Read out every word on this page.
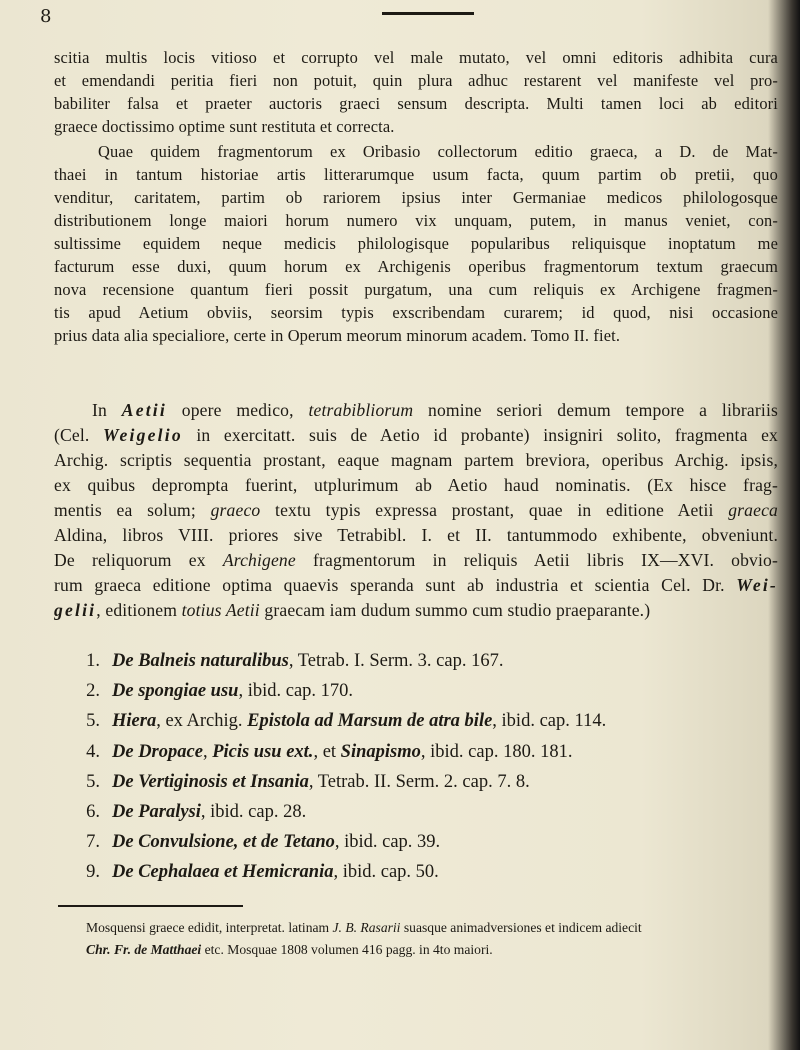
8
scitia multis locis vitioso et corrupto vel male mutato, vel omni editoris adhibita cura
et emendandi peritia fieri non potuit, quin plura adhuc restarent vel manifeste vel pro-
babiliter falsa et praeter auctoris graeci sensum descripta. Multi tamen loci ab editori
graece doctissimo optime sunt restituta et correcta.
Quae quidem fragmentorum ex Oribasio collectorum editio graeca, a D. de Mat-
thaei in tantum historiae artis litterarumque usum facta, quum partim ob pretii, quo
venditur, caritatem, partim ob rariorem ipsius inter Germaniae medicos philologosque
distributionem longe maiori horum numero vix unquam, putem, in manus veniet, con-
sultissime equidem neque medicis philologisque popularibus reliquisque inoptatum me
facturum esse duxi, quum horum ex Archigenis operibus fragmentorum textum graecum
nova recensione quantum fieri possit purgatum, una cum reliquis ex Archigene fragmen-
tis apud Aetium obviis, seorsim typis exscribendam curarem; id quod, nisi occasione
prius data alia specialiore, certe in Operum meorum minorum academ. Tomo II. fiet.
In Aetii opere medico, tetrabibliorum nomine seriori demum tempore a librariis
(Cel. Weigelio in exercitatt. suis de Aetio id probante) insigniri solito, fragmenta ex
Archig. scriptis sequentia prostant, eaque magnam partem breviora, operibus Archig. ipsis,
ex quibus deprompta fuerint, utplurimum ab Aetio haud nominatis. (Ex hisce frag-
mentis ea solum; graeco textu typis expressa prostant, quae in editione Aetii graeca
Aldina, libros VIII. priores sive Tetrabibl. I. et II. tantummodo exhibente, obveniunt.
De reliquorum ex Archigene fragmentorum in reliquis Aetii libris IX—XVI. obvio-
rum graeca editione optima quaevis speranda sunt ab industria et scientia Cel. Dr. Wei-
gelii, editionem totius Aetii graecam iam dudum summo cum studio praeparante.)
1. De Balneis naturalibus, Tetrab. I. Serm. 3. cap. 167.
2. De spongiae usu, ibid. cap. 170.
5. Hiera, ex Archig. Epistola ad Marsum de atra bile, ibid. cap. 114.
4. De Dropace, Picis usu ext., et Sinapismo, ibid. cap. 180. 181.
5. De Vertiginosis et Insania, Tetrab. II. Serm. 2. cap. 7. 8.
6. De Paralysi, ibid. cap. 28.
7. De Convulsione, et de Tetano, ibid. cap. 39.
9. De Cephalaea et Hemicrania, ibid. cap. 50.
Mosquensi graece edidit, interpretat. latinam J. B. Rasarii suasque animadversiones et indicem adiecit
Chr. Fr. de Matthaei etc. Mosquae 1808 volumen 416 pagg. in 4to maiori.
